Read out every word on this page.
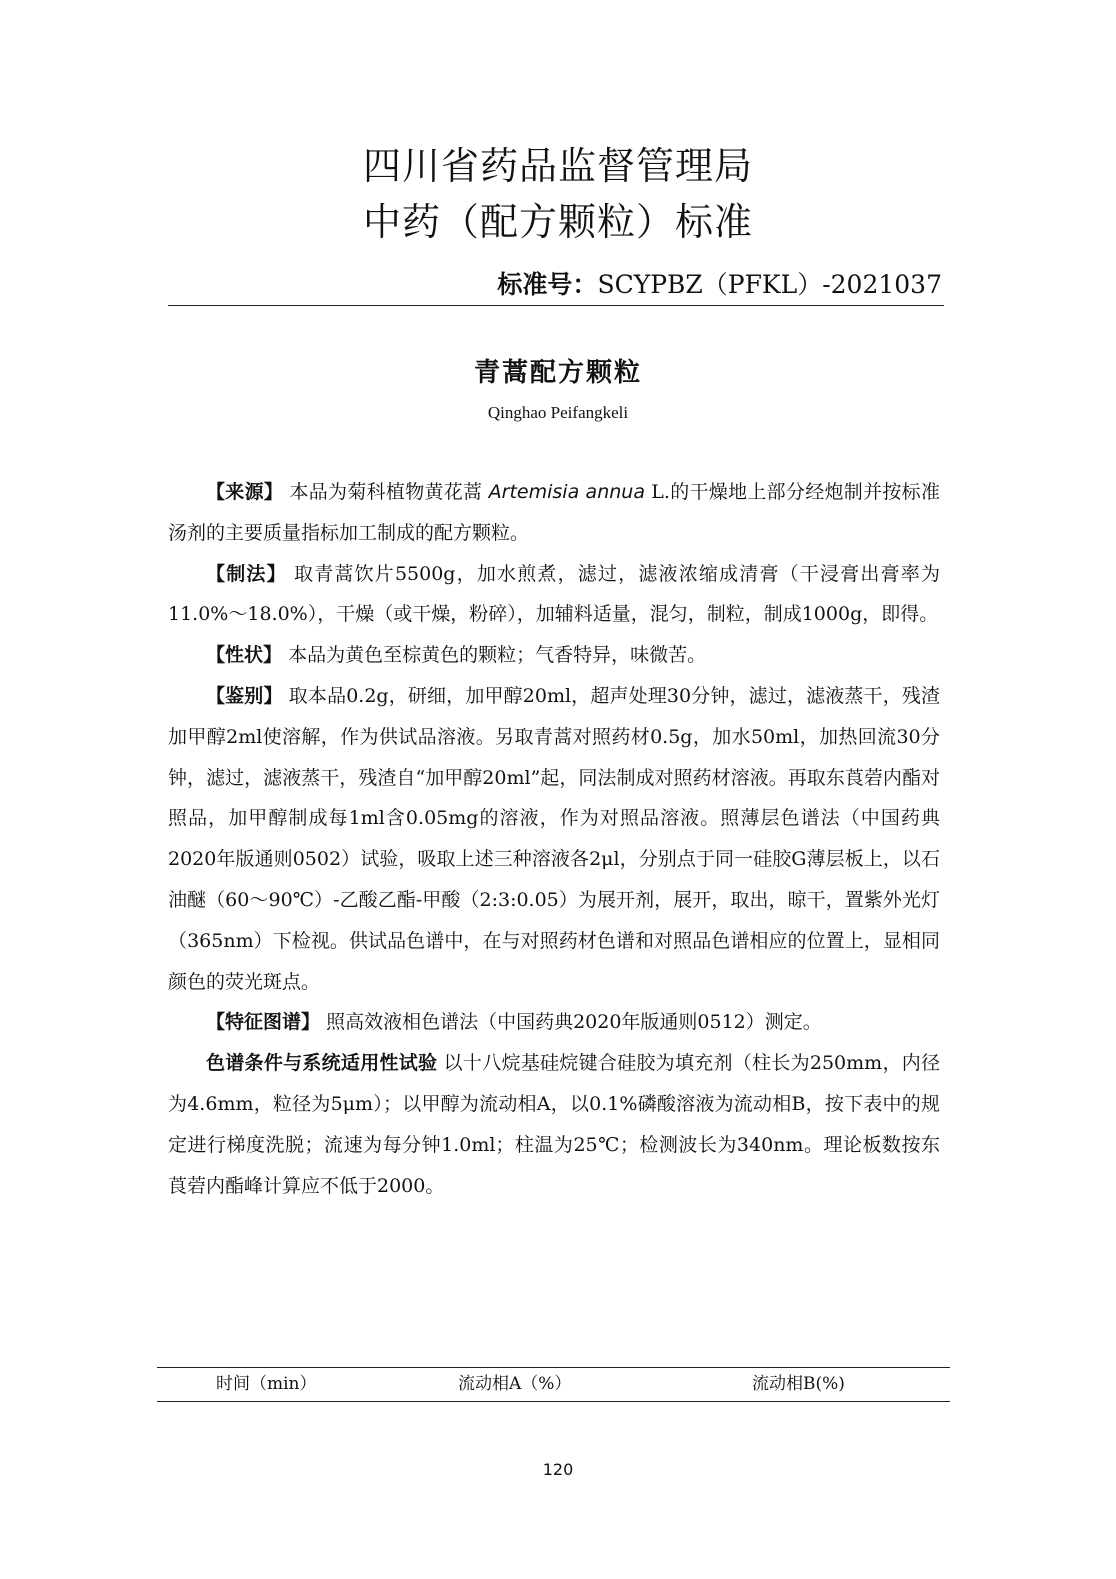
四川省药品监督管理局
中药（配方颗粒）标准
标准号：SCYPBZ（PFKL）-2021037
青蒿配方颗粒
Qinghao Peifangkeli

【来源】 本品为菊科植物黄花蒿 Artemisia annua L.的干燥地上部分经炮制并按标准汤剂的主要质量指标加工制成的配方颗粒。

【制法】 取青蒿饮片5500g，加水煎煮，滤过，滤液浓缩成清膏（干浸膏出膏率为11.0%～18.0%），干燥（或干燥，粉碎），加辅料适量，混匀，制粒，制成1000g，即得。

【性状】 本品为黄色至棕黄色的颗粒；气香特异，味微苦。

【鉴别】 取本品0.2g，研细，加甲醇20ml，超声处理30分钟，滤过，滤液蒸干，残渣加甲醇2ml使溶解，作为供试品溶液。另取青蒿对照药材0.5g，加水50ml，加热回流30分钟，滤过，滤液蒸干，残渣自“加甲醇20ml”起，同法制成对照药材溶液。再取东莨菪内酯对照品，加甲醇制成每1ml含0.05mg的溶液，作为对照品溶液。照薄层色谱法（中国药典2020年版通则0502）试验，吸取上述三种溶液各2μl，分别点于同一硅胶G薄层板上，以石油醚（60～90℃）-乙酸乙酯-甲酸（2:3:0.05）为展开剂，展开，取出，晾干，置紫外光灯（365nm）下检视。供试品色谱中，在与对照药材色谱和对照品色谱相应的位置上，显相同颜色的荧光斑点。

【特征图谱】 照高效液相色谱法（中国药典2020年版通则0512）测定。

色谱条件与系统适用性试验 以十八烷基硅烷键合硅胶为填充剂（柱长为250mm，内径为4.6mm，粒径为5μm）；以甲醇为流动相A，以0.1%磷酸溶液为流动相B，按下表中的规定进行梯度洗脱；流速为每分钟1.0ml；柱温为25℃；检测波长为340nm。理论板数按东莨菪内酯峰计算应不低于2000。

时间（min）	流动相A（%）	流动相B(%)
120
